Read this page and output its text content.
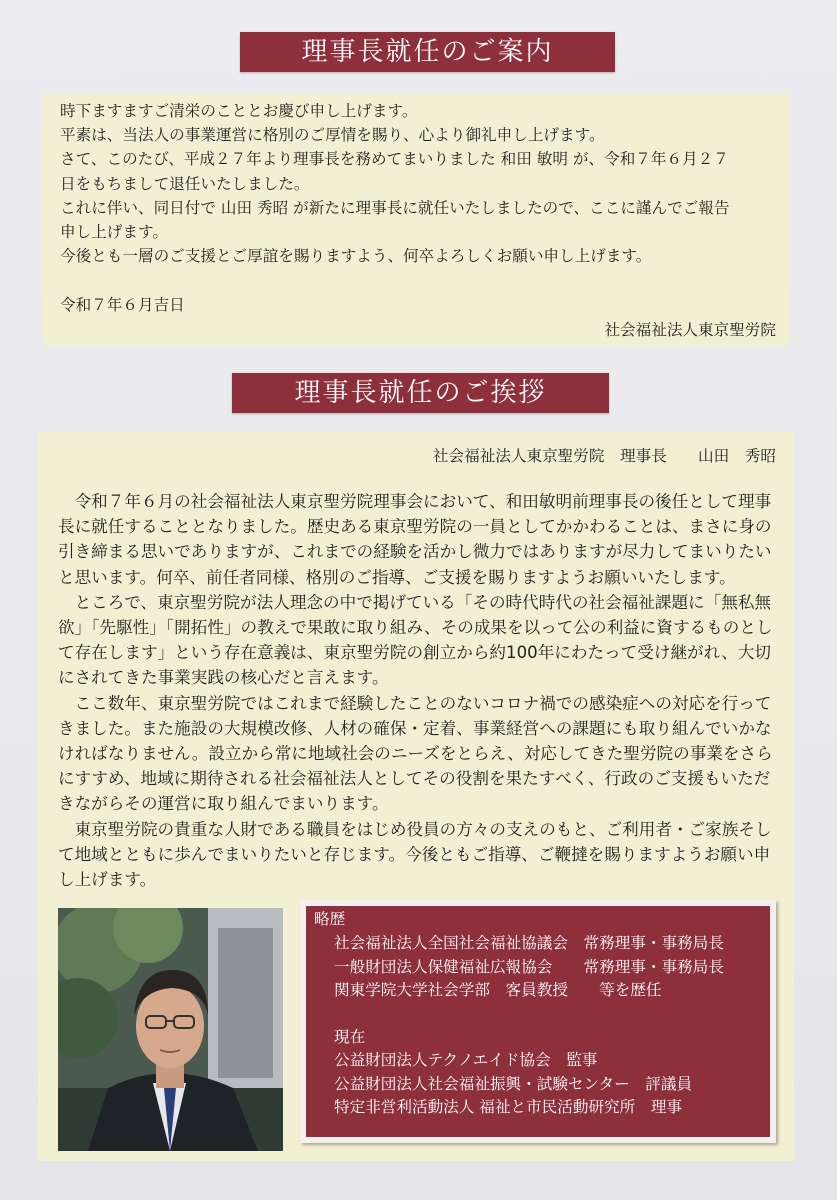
理事長就任のご案内
時下ますますご清栄のこととお慶び申し上げます。
平素は、当法人の事業運営に格別のご厚情を賜り、心より御礼申し上げます。
さて、このたび、平成２７年より理事長を務めてまいりました 和田 敏明 が、令和７年６月２７
日をもちまして退任いたしました。
これに伴い、同日付で 山田 秀昭 が新たに理事長に就任いたしましたので、ここに謹んでご報告
申し上げます。
今後とも一層のご支援とご厚誼を賜りますよう、何卒よろしくお願い申し上げます。
令和７年６月吉日
社会福祉法人東京聖労院
理事長就任のご挨拶
社会福祉法人東京聖労院　理事長　　山田　秀昭

令和７年６月の社会福祉法人東京聖労院理事会において、和田敏明前理事長の後任として理事長に就任することとなりました。歴史ある東京聖労院の一員としてかかわることは、まさに身の引き締まる思いでありますが、これまでの経験を活かし微力ではありますが尽力してまいりたいと思います。何卒、前任者同様、格別のご指導、ご支援を賜りますようお願いいたします。

ところで、東京聖労院が法人理念の中で掲げている「その時代時代の社会福祉課題に「無私無欲」「先駆性」「開拓性」の教えで果敢に取り組み、その成果を以って公の利益に資するものとして存在します」という存在意義は、東京聖労院の創立から約100年にわたって受け継がれ、大切にされてきた事業実践の核心だと言えます。

ここ数年、東京聖労院ではこれまで経験したことのないコロナ禍での感染症への対応を行ってきました。また施設の大規模改修、人材の確保・定着、事業経営への課題にも取り組んでいかなければなりません。設立から常に地域社会のニーズをとらえ、対応してきた聖労院の事業をさらにすすめ、地域に期待される社会福祉法人としてその役割を果たすべく、行政のご支援もいただきながらその運営に取り組んでまいります。

東京聖労院の貴重な人財である職員をはじめ役員の方々の支えのもと、ご利用者・ご家族そして地域とともに歩んでまいりたいと存じます。今後ともご指導、ご鞭撻を賜りますようお願い申し上げます。

略歴
社会福祉法人全国社会福祉協議会　常務理事・事務局長
一般財団法人保健福祉広報協会　　常務理事・事務局長
関東学院大学社会学部　客員教授　　等を歴任
現在
公益財団法人テクノエイド協会　監事
公益財団法人社会福祉振興・試験センター　評議員
特定非営利活動法人 福祉と市民活動研究所　理事
